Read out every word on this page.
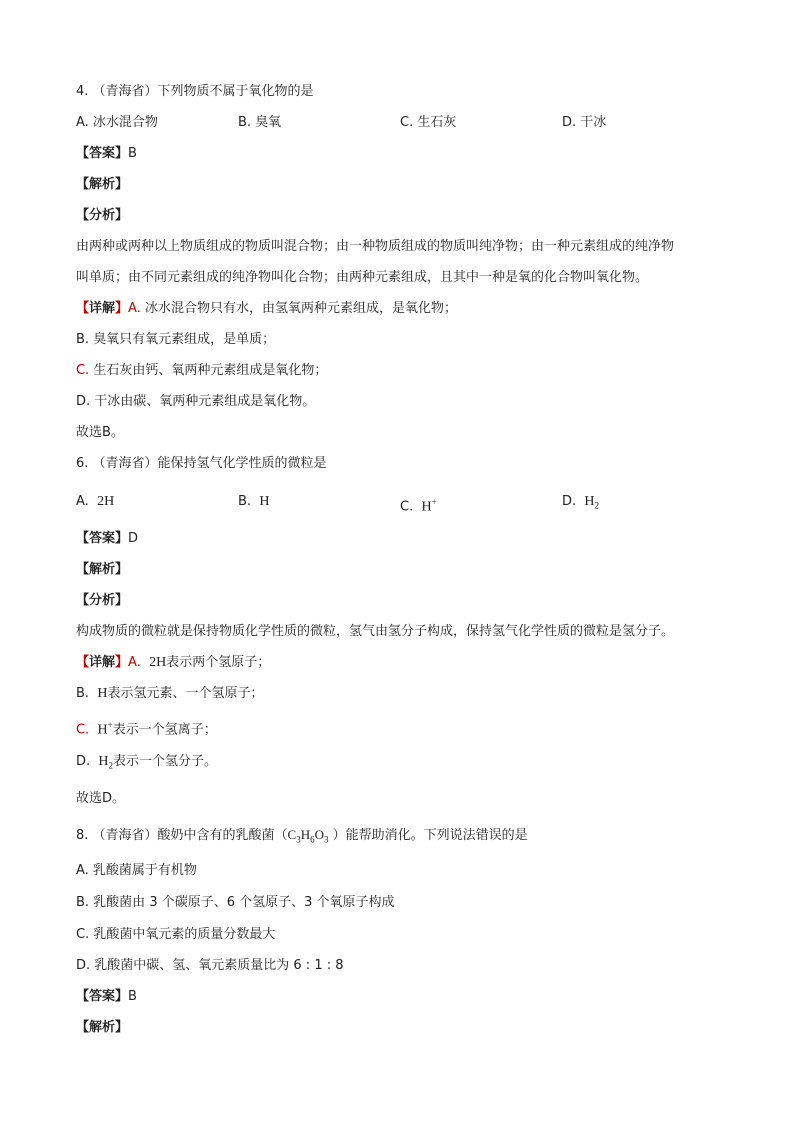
4. （青海省）下列物质不属于氧化物的是
A. 冰水混合物	B. 臭氧	C. 生石灰	D. 干冰
【答案】B
【解析】
【分析】
由两种或两种以上物质组成的物质叫混合物；由一种物质组成的物质叫纯净物；由一种元素组成的纯净物
叫单质；由不同元素组成的纯净物叫化合物；由两种元素组成，且其中一种是氧的化合物叫氧化物。
【详解】A. 冰水混合物只有水，由氢氧两种元素组成，是氧化物；
B. 臭氧只有氧元素组成，是单质；
C. 生石灰由钙、氧两种元素组成是氧化物；
D. 干冰由碳、氧两种元素组成是氧化物。
故选B。
6. （青海省）能保持氢气化学性质的微粒是
A. 2H	B. H	C. H+	D. $H_2$
【答案】D
【解析】
【分析】
构成物质的微粒就是保持物质化学性质的微粒，氢气由氢分子构成，保持氢气化学性质的微粒是氢分子。
【详解】A. 2H表示两个氢原子；
B. H表示氢元素、一个氢原子；
C. H+表示一个氢离子；
D. $H_2$表示一个氢分子。
故选D。
8. （青海省）酸奶中含有的乳酸菌（$C_3H_6O_3$ ）能帮助消化。下列说法错误的是
A. 乳酸菌属于有机物
B. 乳酸菌由 3 个碳原子、6 个氢原子、3 个氧原子构成
C. 乳酸菌中氧元素的质量分数最大
D. 乳酸菌中碳、氢、氧元素质量比为 6 : 1 : 8
【答案】B
【解析】
